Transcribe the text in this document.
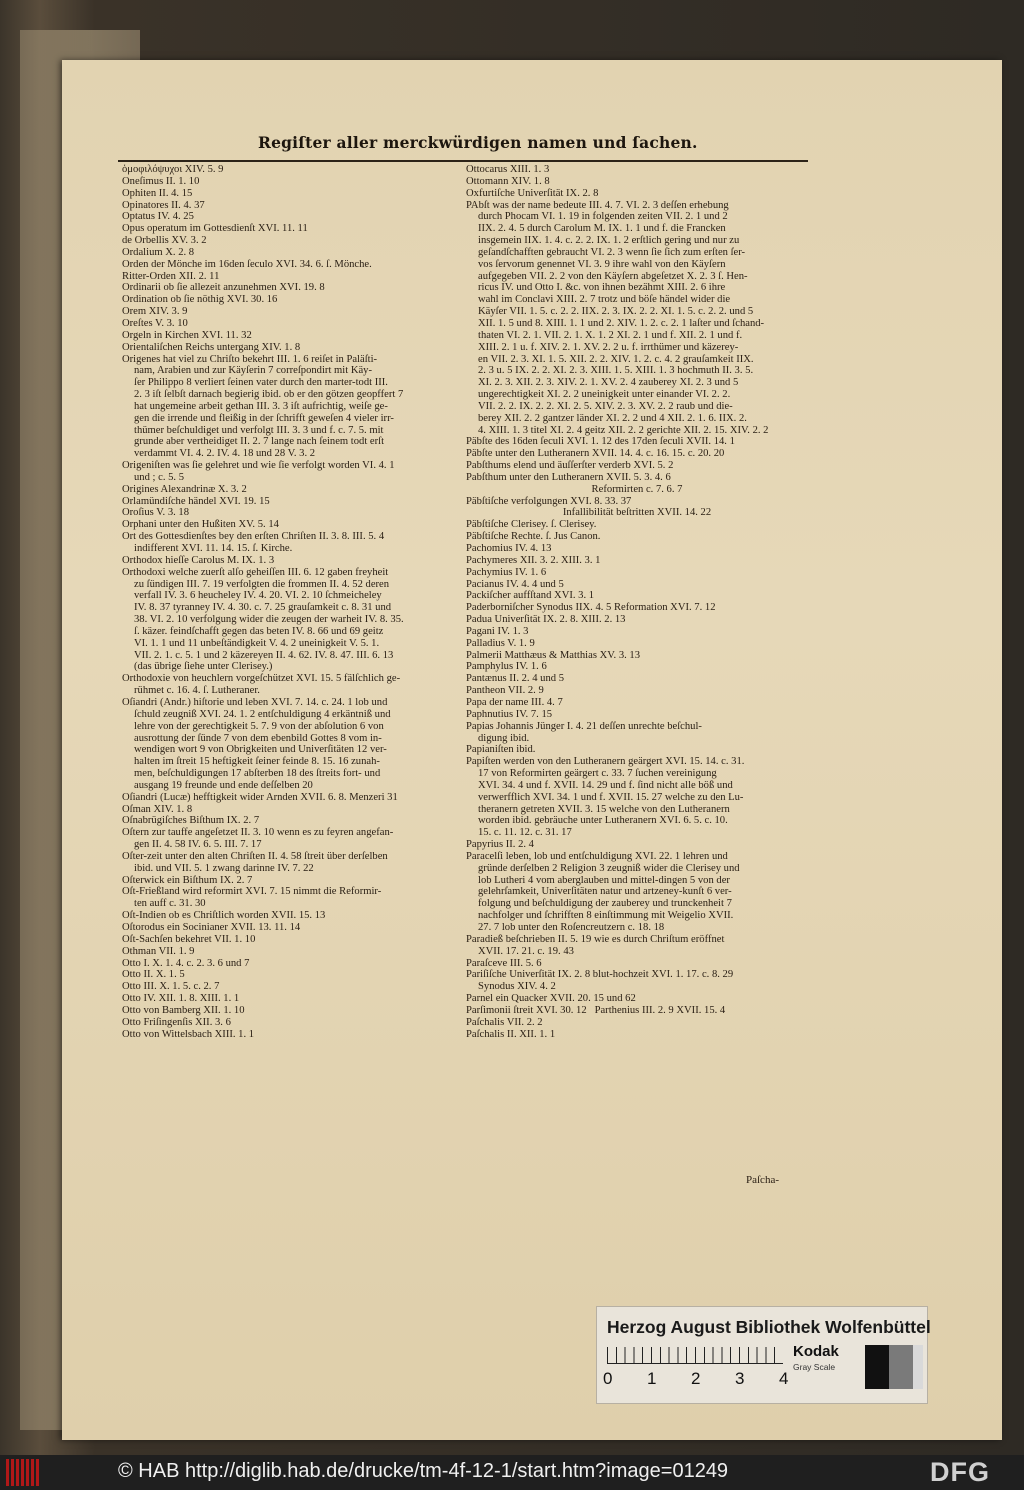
Regiſter aller merckwürdigen namen und ſachen.
ὁμοφιλόψυχοι XIV. 5. 9
Oneſimus II. 1. 10
Ophiten II. 4. 15
Opinatores II. 4. 37
Optatus IV. 4. 25
Opus operatum im Gottesdienſt XVI. 11. 11
de Orbellis XV. 3. 2
Ordalium X. 2. 8
Orden der Mönche im 16den ſeculo XVI. 34. 6. ſ. Mönche.
Ritter-Orden XII. 2. 11
Ordinarii ob ſie allezeit anzunehmen XVI. 19. 8
Ordination ob ſie nöthig XVI. 30. 16
Orem XIV. 3. 9
Oreſtes V. 3. 10
Orgeln in Kirchen XVI. 11. 32
Orientaliſchen Reichs untergang XIV. 1. 8
Origenes hat viel zu Chriſto bekehrt III. 1. 6 reiſet in Paläſti-
nam, Arabien und zur Käyſerin 7 correſpondirt mit Käy-
ſer Philippo 8 verliert ſeinen vater durch den marter-todt III.
2. 3 iſt ſelbſt darnach begierig ibid. ob er den götzen geopffert 7
hat ungemeine arbeit gethan III. 3. 3 iſt aufrichtig, weiſe ge-
gen die irrende und fleißig in der ſchrifft geweſen 4 vieler irr-
thümer beſchuldiget und verfolgt III. 3. 3 und f. c. 7. 5. mit
grunde aber vertheidiget II. 2. 7 lange nach ſeinem todt erſt
verdammt VI. 4. 2. IV. 4. 18 und 28 V. 3. 2
Origeniſten was ſie gelehret und wie ſie verfolgt worden VI. 4. 1
und ; c. 5. 5
Origines Alexandrinæ X. 3. 2
Orlamündiſche händel XVI. 19. 15
Oroſius V. 3. 18
Orphani unter den Hußiten XV. 5. 14
Ort des Gottesdienſtes bey den erſten Chriſten II. 3. 8. III. 5. 4
indifferent XVI. 11. 14. 15. ſ. Kirche.
Orthodox hieſſe Carolus M. IX. 1. 3
Orthodoxi welche zuerſt alſo geheiſſen III. 6. 12 gaben freyheit
zu ſündigen III. 7. 19 verfolgten die frommen II. 4. 52 deren
verfall IV. 3. 6 heucheley IV. 4. 20. VI. 2. 10 ſchmeicheley
IV. 8. 37 tyranney IV. 4. 30. c. 7. 25 grauſamkeit c. 8. 31 und
38. VI. 2. 10 verfolgung wider die zeugen der warheit IV. 8. 35.
ſ. käzer. feindſchafft gegen das beten IV. 8. 66 und 69 geitz
VI. 1. 1 und 11 unbeſtändigkeit V. 4. 2 uneinigkeit V. 5. 1.
VII. 2. 1. c. 5. 1 und 2 käzereyen II. 4. 62. IV. 8. 47. III. 6. 13
(das übrige ſiehe unter Clerisey.)
Orthodoxie von heuchlern vorgeſchützet XVI. 15. 5 fälſchlich ge-
rühmet c. 16. 4. ſ. Lutheraner.
Oſiandri (Andr.) hiſtorie und leben XVI. 7. 14. c. 24. 1 lob und
ſchuld zeugniß XVI. 24. 1. 2 entſchuldigung 4 erkäntniß und
lehre von der gerechtigkeit 5. 7. 9 von der abſolution 6 von
ausrottung der ſünde 7 von dem ebenbild Gottes 8 vom in-
wendigen wort 9 von Obrigkeiten und Univerſitäten 12 ver-
halten im ſtreit 15 heftigkeit ſeiner feinde 8. 15. 16 zunah-
men, beſchuldigungen 17 abſterben 18 des ſtreits fort- und
ausgang 19 freunde und ende deſſelben 20
Oſiandri (Lucæ) hefftigkeit wider Arnden XVII. 6. 8. Menzeri 31
Oſman XIV. 1. 8
Oſnabrügiſches Biſthum IX. 2. 7
Oſtern zur tauffe angeſetzet II. 3. 10 wenn es zu feyren angefan-
gen II. 4. 58 IV. 6. 5. III. 7. 17
Oſter-zeit unter den alten Chriſten II. 4. 58 ſtreit über derſelben
ibid. und VII. 5. 1 zwang darinne IV. 7. 22
Oſterwick ein Biſthum IX. 2. 7
Oſt-Frießland wird reformirt XVI. 7. 15 nimmt die Reformir-
ten auff c. 31. 30
Oſt-Indien ob es Chriſtlich worden XVII. 15. 13
Oſtorodus ein Socinianer XVII. 13. 11. 14
Oſt-Sachſen bekehret VII. 1. 10
Othman VII. 1. 9
Otto I. X. 1. 4. c. 2. 3. 6 und 7
Otto II. X. 1. 5
Otto III. X. 1. 5. c. 2. 7
Otto IV. XII. 1. 8. XIII. 1. 1
Otto von Bamberg XII. 1. 10
Otto Friſingenſis XII. 3. 6
Otto von Wittelsbach XIII. 1. 1
Ottocarus XIII. 1. 3
Ottomann XIV. 1. 8
Oxfurtiſche Univerſität IX. 2. 8
PAbſt was der name bedeute III. 4. 7. VI. 2. 3 deſſen erhebung
durch Phocam VI. 1. 19 in folgenden zeiten VII. 2. 1 und 2
IIX. 2. 4. 5 durch Carolum M. IX. 1. 1 und f. die Francken
insgemein IIX. 1. 4. c. 2. 2. IX. 1. 2 erſtlich gering und nur zu
geſandſchafften gebraucht VI. 2. 3 wenn ſie ſich zum erſten ſer-
vos ſervorum genennet VI. 3. 9 ihre wahl von den Käyſern
aufgegeben VII. 2. 2 von den Käyſern abgeſetzet X. 2. 3 ſ. Hen-
ricus IV. und Otto I. &c. von ihnen bezähmt XIII. 2. 6 ihre
wahl im Conclavi XIII. 2. 7 trotz und böſe händel wider die
Käyſer VII. 1. 5. c. 2. 2. IIX. 2. 3. IX. 2. 2. XI. 1. 5. c. 2. 2. und 5
XII. 1. 5 und 8. XIII. 1. 1 und 2. XIV. 1. 2. c. 2. 1 laſter und ſchand-
thaten VI. 2. 1. VII. 2. 1. X. 1. 2 XI. 2. 1 und f. XII. 2. 1 und f.
XIII. 2. 1 u. f. XIV. 2. 1. XV. 2. 2 u. f. irrthümer und käzerey-
en VII. 2. 3. XI. 1. 5. XII. 2. 2. XIV. 1. 2. c. 4. 2 grauſamkeit IIX.
2. 3 u. 5 IX. 2. 2. XI. 2. 3. XIII. 1. 5. XIII. 1. 3 hochmuth II. 3. 5.
XI. 2. 3. XII. 2. 3. XIV. 2. 1. XV. 2. 4 zauberey XI. 2. 3 und 5
ungerechtigkeit XI. 2. 2 uneinigkeit unter einander VI. 2. 2.
VII. 2. 2. IX. 2. 2. XI. 2. 5. XIV. 2. 3. XV. 2. 2 raub und die-
berey XII. 2. 2 gantzer länder XI. 2. 2 und 4 XII. 2. 1. 6. IIX. 2.
4. XIII. 1. 3 titel XI. 2. 4 geitz XII. 2. 2 gerichte XII. 2. 15. XIV. 2. 2
Päbſte des 16den ſeculi XVI. 1. 12 des 17den ſeculi XVII. 14. 1
Päbſte unter den Lutheranern XVII. 14. 4. c. 16. 15. c. 20. 20
Pabſthums elend und äuſſerſter verderb XVI. 5. 2
Pabſthum unter den Lutheranern XVII. 5. 3. 4. 6
Reformirten c. 7. 6. 7
Päbſtiſche verfolgungen XVI. 8. 33. 37
Infallibilität beſtritten XVII. 14. 22
Päbſtiſche Clerisey. ſ. Clerisey.
Päbſtiſche Rechte. ſ. Jus Canon.
Pachomius IV. 4. 13
Pachymeres XII. 3. 2. XIII. 3. 1
Pachymius IV. 1. 6
Pacianus IV. 4. 4 und 5
Packiſcher auffſtand XVI. 3. 1
Paderborniſcher Synodus IIX. 4. 5 Reformation XVI. 7. 12
Padua Univerſität IX. 2. 8. XIII. 2. 13
Pagani IV. 1. 3
Palladius V. 1. 9
Palmerii Matthæus & Matthias XV. 3. 13
Pamphylus IV. 1. 6
Pantænus II. 2. 4 und 5
Pantheon VII. 2. 9
Papa der name III. 4. 7
Paphnutius IV. 7. 15
Papias Johannis Jünger I. 4. 21 deſſen unrechte beſchul-
digung ibid.
Papianiſten ibid.
Papiſten werden von den Lutheranern geärgert XVI. 15. 14. c. 31.
17 von Reformirten geärgert c. 33. 7 ſuchen vereinigung
XVI. 34. 4 und f. XVII. 14. 29 und f. ſind nicht alle böß und
verwerfflich XVI. 34. 1 und f. XVII. 15. 27 welche zu den Lu-
theranern getreten XVII. 3. 15 welche von den Lutheranern
worden ibid. gebräuche unter Lutheranern XVI. 6. 5. c. 10.
15. c. 11. 12. c. 31. 17
Papyrius II. 2. 4
Paracelſi leben, lob und entſchuldigung XVI. 22. 1 lehren und
gründe derſelben 2 Religion 3 zeugniß wider die Clerisey und
lob Lutheri 4 vom aberglauben und mittel-dingen 5 von der
gelehrſamkeit, Univerſitäten natur und artzeney-kunſt 6 ver-
folgung und beſchuldigung der zauberey und trunckenheit 7
nachfolger und ſchrifften 8 einſtimmung mit Weigelio XVII.
27. 7 lob unter den Roſencreutzern c. 18. 18
Paradieß beſchrieben II. 5. 19 wie es durch Chriſtum eröffnet
XVII. 17. 21. c. 19. 43
Paraſceve III. 5. 6
Pariſiſche Univerſität IX. 2. 8 blut-hochzeit XVI. 1. 17. c. 8. 29
Synodus XIV. 4. 2
Parnel ein Quacker XVII. 20. 15 und 62
Parſimonii ſtreit XVI. 30. 12   Parthenius III. 2. 9 XVII. 15. 4
Paſchalis VII. 2. 2
Paſchalis II. XII. 1. 1
Paſcha-
Herzog August Bibliothek Wolfenbüttel
0 1 2 3 4
Kodak
Gray Scale
© HAB http://diglib.hab.de/drucke/tm-4f-12-1/start.htm?image=01249	DFG
